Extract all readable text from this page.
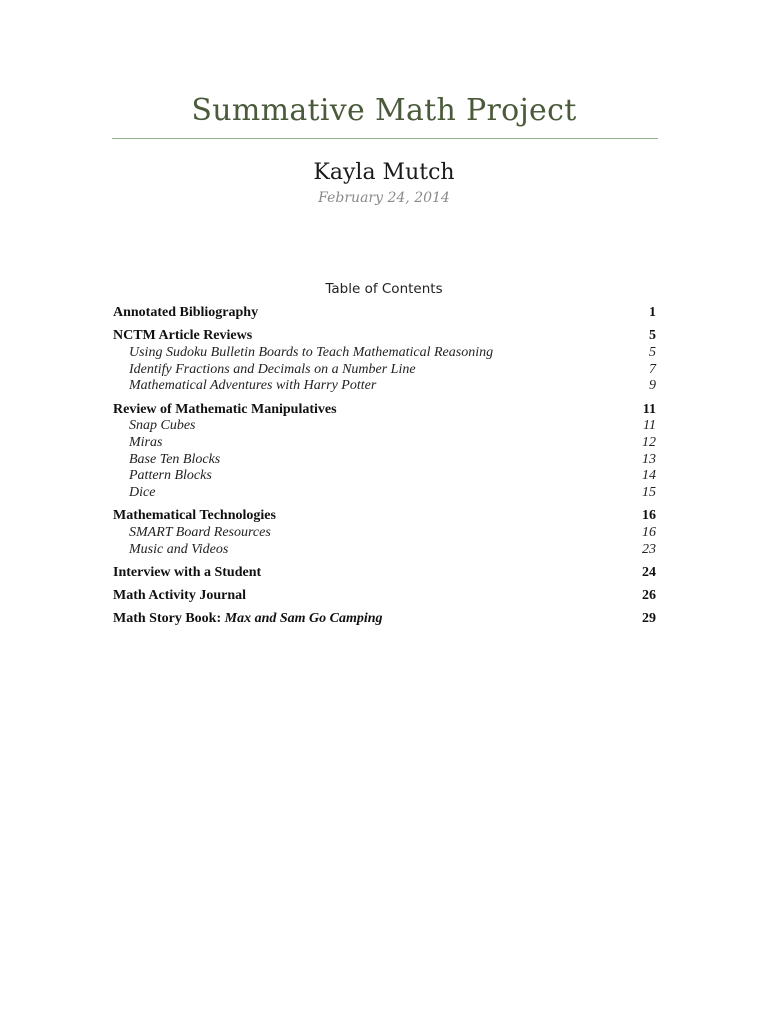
Summative Math Project
Kayla Mutch
February 24, 2014
Table of Contents
Annotated Bibliography	1
NCTM Article Reviews	5
Using Sudoku Bulletin Boards to Teach Mathematical Reasoning	5
Identify Fractions and Decimals on a Number Line	7
Mathematical Adventures with Harry Potter	9
Review of Mathematic Manipulatives	11
Snap Cubes	11
Miras	12
Base Ten Blocks	13
Pattern Blocks	14
Dice	15
Mathematical Technologies	16
SMART Board Resources	16
Music and Videos	23
Interview with a Student	24
Math Activity Journal	26
Math Story Book: Max and Sam Go Camping	29
